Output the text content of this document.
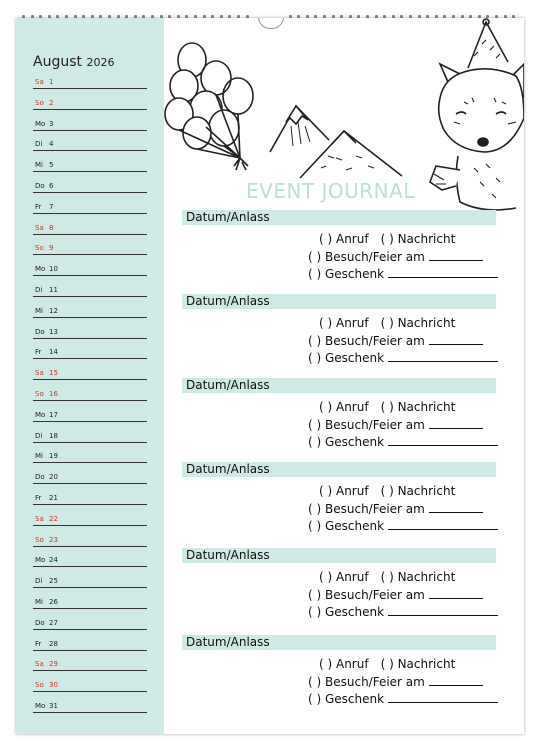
August 2026
Sa 1
So 2
Mo 3
Di 4
Mi 5
Do 6
Fr 7
Sa 8
So 9
Mo 10
Di 11
Mi 12
Do 13
Fr 14
Sa 15
So 16
Mo 17
Di 18
Mi 19
Do 20
Fr 21
Sa 22
So 23
Mo 24
Di 25
Mi 26
Do 27
Fr 28
Sa 29
So 30
Mo 31
EVENT JOURNAL
Datum/Anlass
( ) Anruf ( ) Nachricht
( ) Besuch/Feier am
( ) Geschenk
Datum/Anlass
( ) Anruf ( ) Nachricht
( ) Besuch/Feier am
( ) Geschenk
Datum/Anlass
( ) Anruf ( ) Nachricht
( ) Besuch/Feier am
( ) Geschenk
Datum/Anlass
( ) Anruf ( ) Nachricht
( ) Besuch/Feier am
( ) Geschenk
Datum/Anlass
( ) Anruf ( ) Nachricht
( ) Besuch/Feier am
( ) Geschenk
Datum/Anlass
( ) Anruf ( ) Nachricht
( ) Besuch/Feier am
( ) Geschenk
